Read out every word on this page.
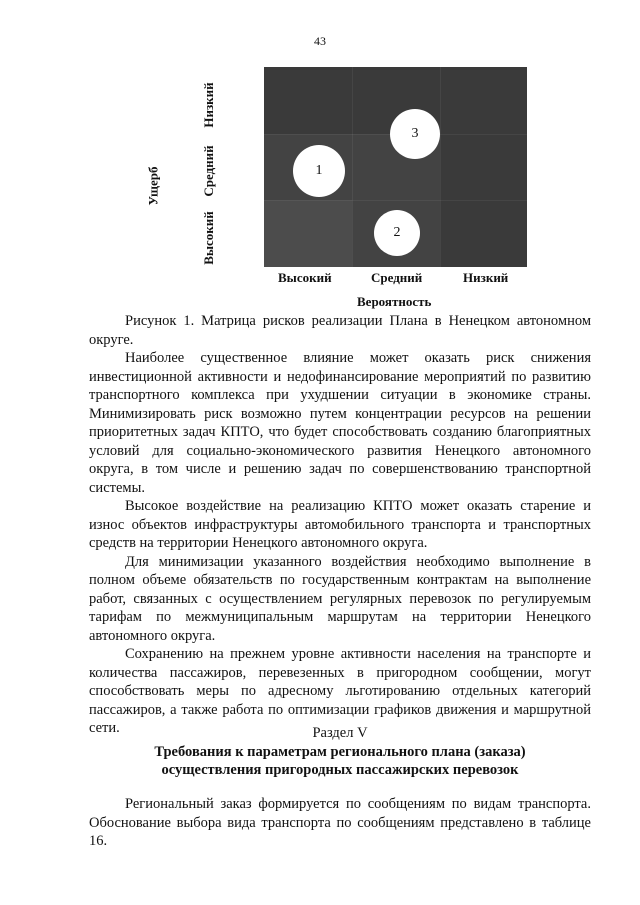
43
Ущерб
Высокий
Средний
Низкий
1
3
2
Высокий	Средний	Низкий
Вероятность

Рисунок 1. Матрица рисков реализации Плана в Ненецком автономном округе.

Наиболее существенное влияние может оказать риск снижения инвестиционной активности и недофинансирование мероприятий по развитию транспортного комплекса при ухудшении ситуации в экономике страны. Минимизировать риск возможно путем концентрации ресурсов на решении приоритетных задач КПТО, что будет способствовать созданию благоприятных условий для социально-экономического развития Ненецкого автономного округа, в том числе и решению задач по совершенствованию транспортной системы.

Высокое воздействие на реализацию КПТО может оказать старение и износ объектов инфраструктуры автомобильного транспорта и транспортных средств на территории Ненецкого автономного округа.

Для минимизации указанного воздействия необходимо выполнение в полном объеме обязательств по государственным контрактам на выполнение работ, связанных с осуществлением регулярных перевозок по регулируемым тарифам по межмуниципальным маршрутам на территории Ненецкого автономного округа.

Сохранению на прежнем уровне активности населения на транспорте и количества пассажиров, перевезенных в пригородном сообщении, могут способствовать меры по адресному льготированию отдельных категорий пассажиров, а также работа по оптимизации графиков движения и маршрутной сети.	Раздел V
Требования к параметрам регионального плана (заказа)
осуществления пригородных пассажирских перевозок

Региональный заказ формируется по сообщениям по видам транспорта. Обоснование выбора вида транспорта по сообщениям представлено в таблице 16.
